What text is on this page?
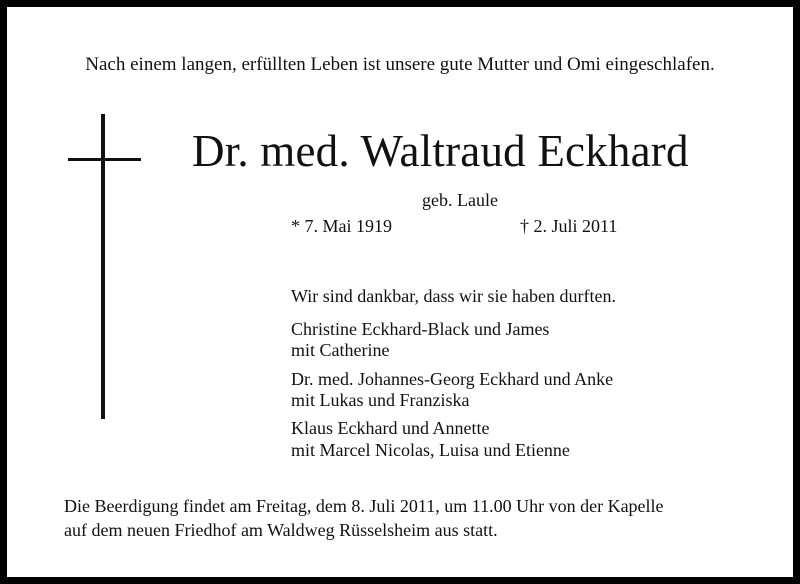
Nach einem langen, erfüllten Leben ist unsere gute Mutter und Omi eingeschlafen.
Dr. med. Waltraud Eckhard
geb. Laule
* 7. Mai 1919	† 2. Juli 2011
Wir sind dankbar, dass wir sie haben durften.
Christine Eckhard-Black und James
mit Catherine
Dr. med. Johannes-Georg Eckhard und Anke
mit Lukas und Franziska
Klaus Eckhard und Annette
mit Marcel Nicolas, Luisa und Etienne
Die Beerdigung findet am Freitag, dem 8. Juli 2011, um 11.00 Uhr von der Kapelle
auf dem neuen Friedhof am Waldweg Rüsselsheim aus statt.
